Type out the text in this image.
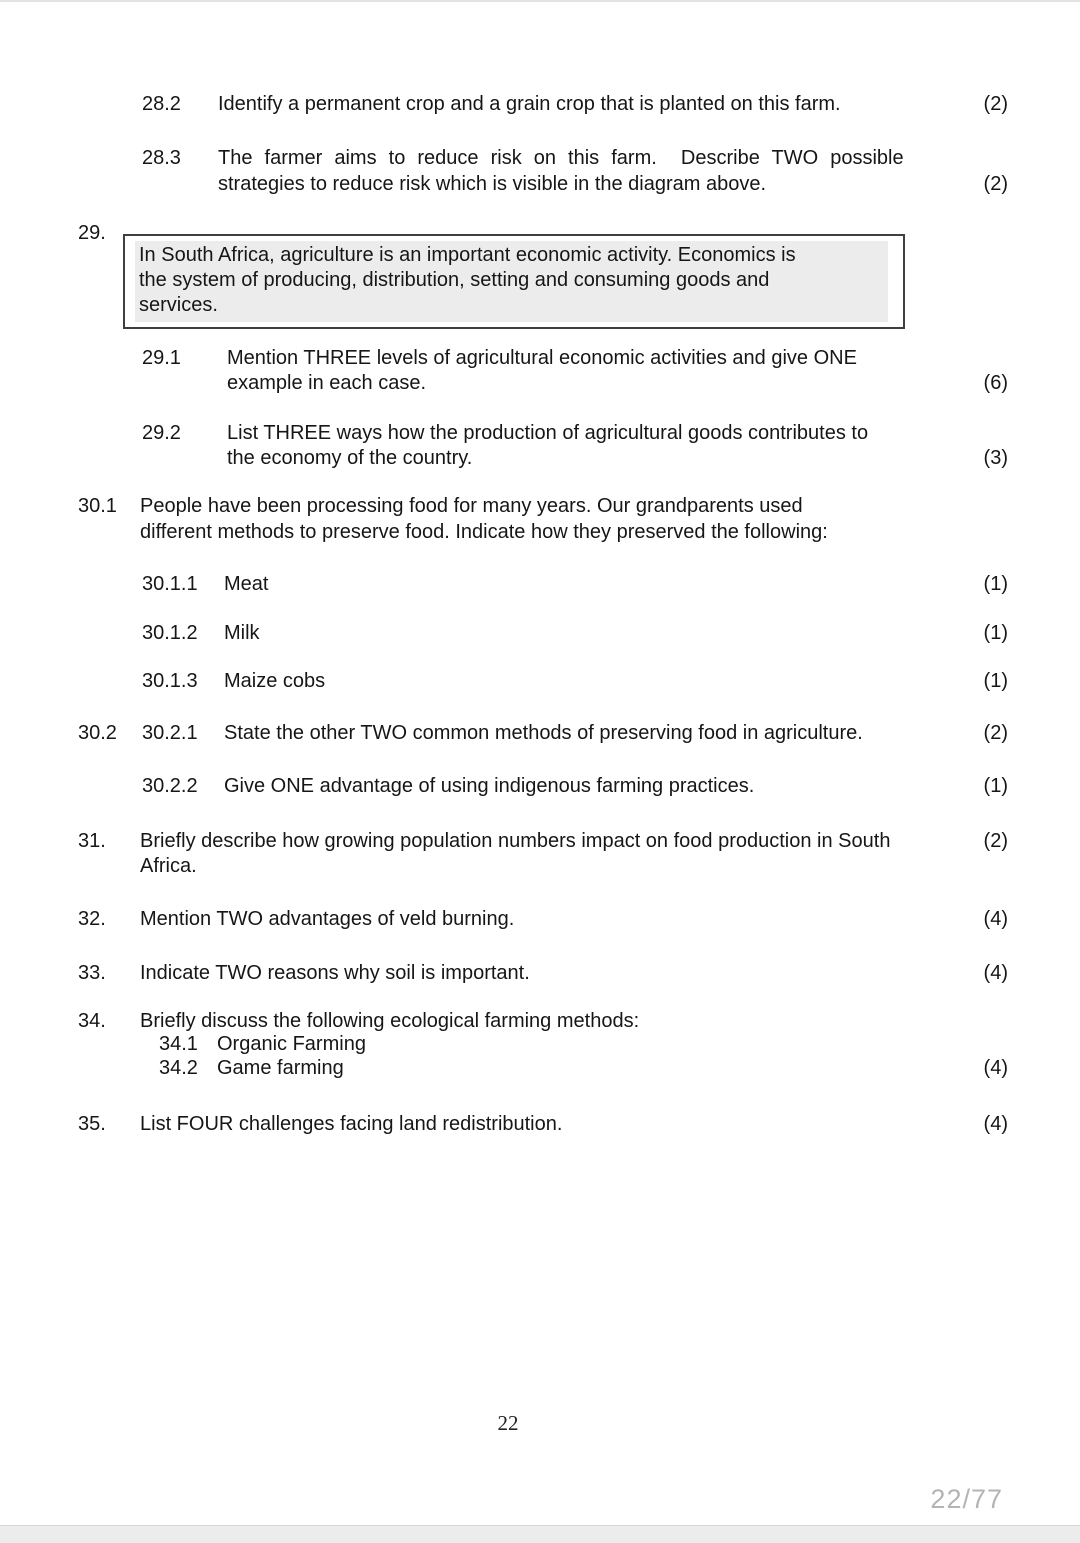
28.2 Identify a permanent crop and a grain crop that is planted on this farm.	(2)
28.3 The farmer aims to reduce risk on this farm.  Describe TWO possible
strategies to reduce risk which is visible in the diagram above.	(2)
29.
29.1 Mention THREE levels of agricultural economic activities and give ONE
example in each case.	(6)
29.2 List THREE ways how the production of agricultural goods contributes to
the economy of the country.	(3)
30.1 People have been processing food for many years. Our grandparents used
different methods to preserve food. Indicate how they preserved the following:
30.1.1 Meat	(1)
30.1.2 Milk	(1)
30.1.3 Maize cobs	(1)
30.2 30.2.1 State the other TWO common methods of preserving food in agriculture.	(2)
30.2.2 Give ONE advantage of using indigenous farming practices.	(1)
31. Briefly describe how growing population numbers impact on food production in South	(2)
Africa.
32. Mention TWO advantages of veld burning.	(4)
33. Indicate TWO reasons why soil is important.	(4)
34. Briefly discuss the following ecological farming methods:
34.1 Organic Farming
34.2 Game farming	(4)
35. List FOUR challenges facing land redistribution.	(4)
In South Africa, agriculture is an important economic activity. Economics is
the system of producing, distribution, setting and consuming goods and
services.
22
22/77
